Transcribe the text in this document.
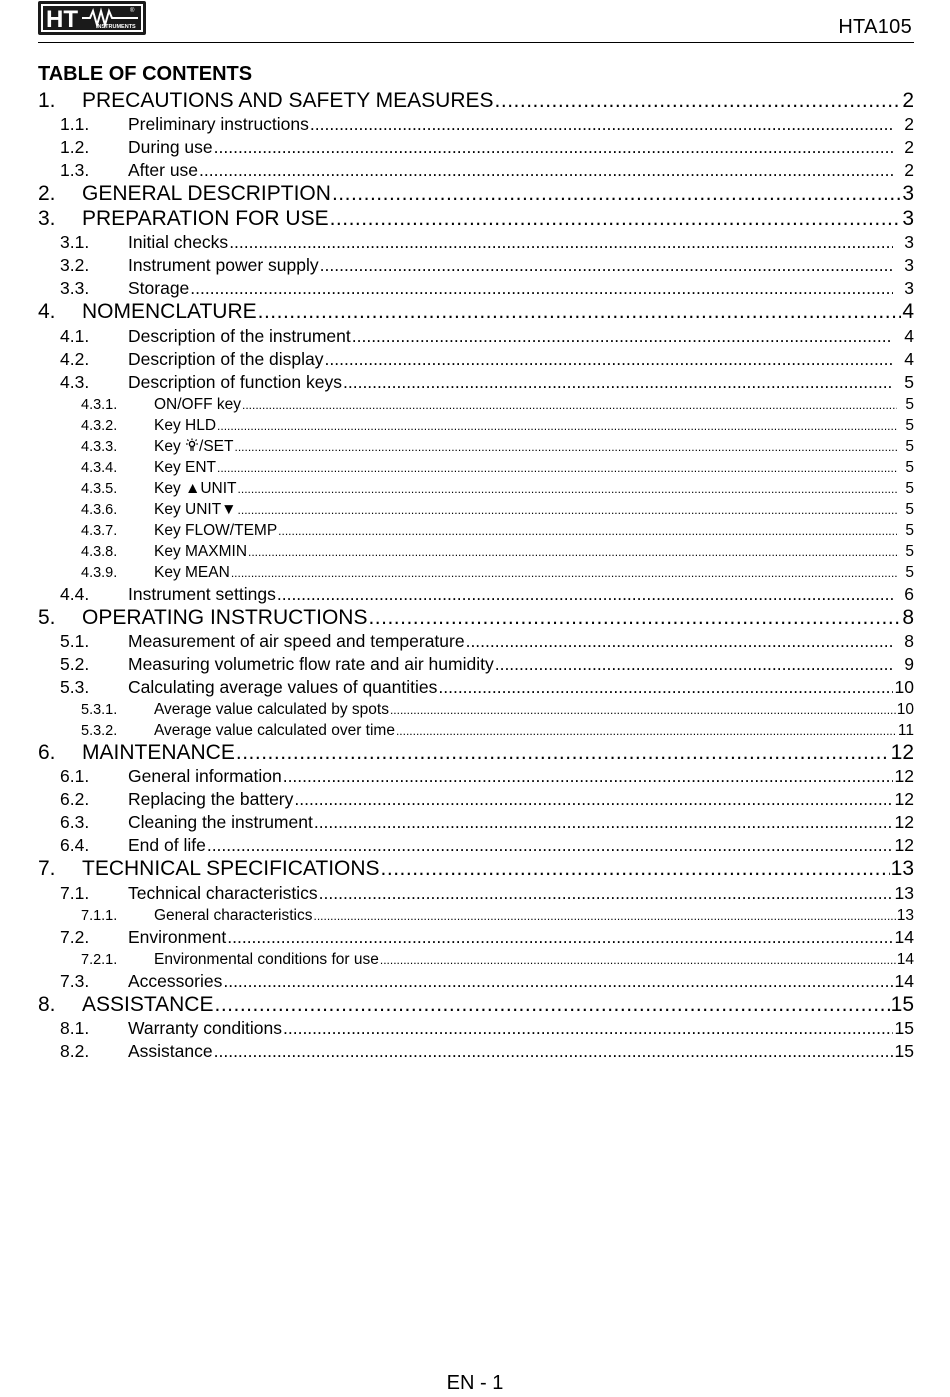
HT	®
INSTRUMENTS	HTA105
TABLE OF CONTENTS
1.	PRECAUTIONS AND SAFETY MEASURES .....	2
1.1.	Preliminary instructions .....	2
1.2.	During use .....	2
1.3.	After use .....	2
2.	GENERAL DESCRIPTION .....	3
3.	PREPARATION FOR USE .....	3
3.1.	Initial checks .....	3
3.2.	Instrument power supply .....	3
3.3.	Storage .....	3
4.	NOMENCLATURE .....	4
4.1.	Description of the instrument .....	4
4.2.	Description of the display .....	4
4.3.	Description of function keys .....	5
4.3.1.	ON/OFF key .....	5
4.3.2.	Key HLD .....	5
4.3.3.	Key /SET .....	5
4.3.4.	Key ENT .....	5
4.3.5.	Key ▲UNIT .....	5
4.3.6.	Key UNIT▼ .....	5
4.3.7.	Key FLOW/TEMP .....	5
4.3.8.	Key MAXMIN .....	5
4.3.9.	Key MEAN .....	5
4.4.	Instrument settings .....	6
5.	OPERATING INSTRUCTIONS .....	8
5.1.	Measurement of air speed and temperature .....	8
5.2.	Measuring volumetric flow rate and air humidity .....	9
5.3.	Calculating average values of quantities .....	10
5.3.1.	Average value calculated by spots .....	10
5.3.2.	Average value calculated over time .....	11
6.	MAINTENANCE .....	12
6.1.	General information .....	12
6.2.	Replacing the battery .....	12
6.3.	Cleaning the instrument .....	12
6.4.	End of life .....	12
7.	TECHNICAL SPECIFICATIONS .....	13
7.1.	Technical characteristics .....	13
7.1.1.	General characteristics .....	13
7.2.	Environment .....	14
7.2.1.	Environmental conditions for use .....	14
7.3.	Accessories .....	14
8.	ASSISTANCE .....	15
8.1.	Warranty conditions .....	15
8.2.	Assistance .....	15
EN - 1
